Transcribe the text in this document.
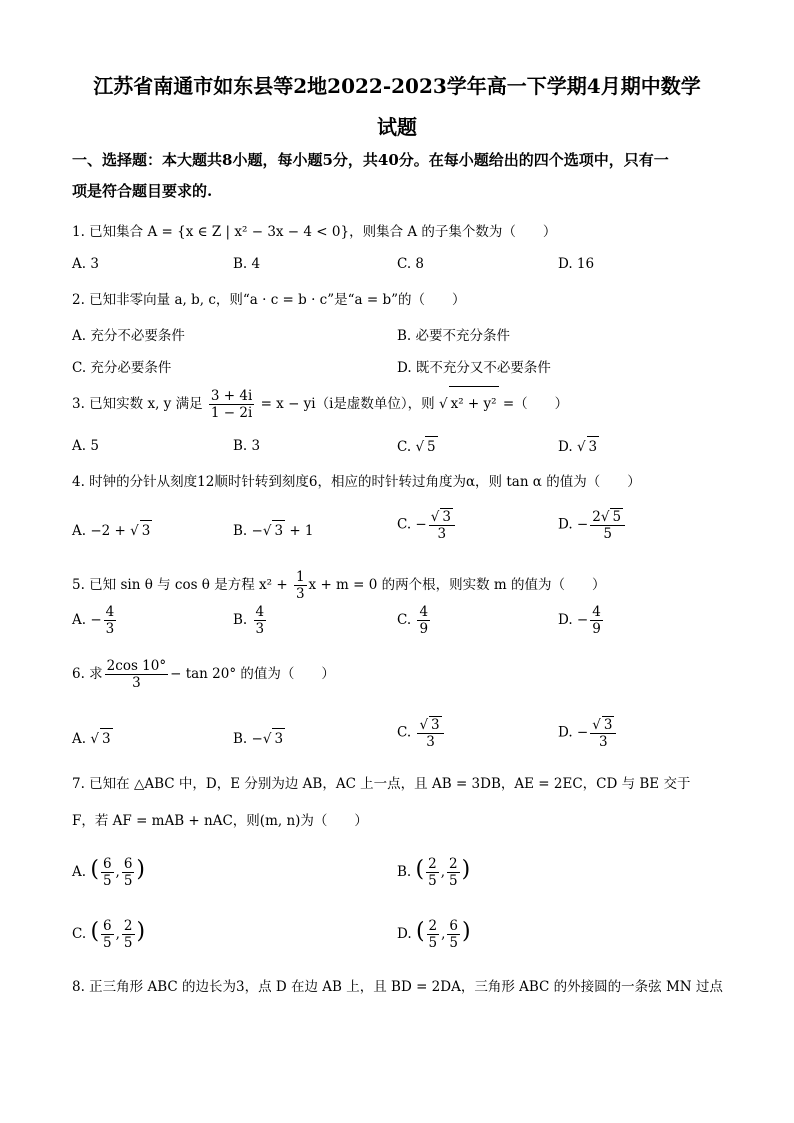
江苏省南通市如东县等2地2022-2023学年高一下学期4月期中数学
试题
一、选择题：本大题共8小题，每小题5分，共40分。在每小题给出的四个选项中，只有一
项是符合题目要求的.
1. 已知集合 A = {x ∈ Z | x² − 3x − 4 < 0}，则集合 A 的子集个数为（　　）
A. 3	B. 4	C. 8	D. 16
2. 已知非零向量 a, b, c，则“a · c = b · c”是“a = b”的（　　）
A. 充分不必要条件	B. 必要不充分条件
C. 充分必要条件	D. 既不充分又不必要条件
3. 已知实数 x, y 满足 $\frac{3 + 4i}{1 - 2i} = x - yi(i$是虚数单位），则 √ x² + y² =（　　）
A. 5	B. 3	C. √ 5	D. √ 3
4. 时钟的分针从刻度12顺时针转到刻度6，相应的时针转过角度为α，则 tan α 的值为（　　）
A. −2 + √ 3	B. −√ 3 + 1	C. − $\frac{√ 3}{3}$	D. − $\frac{2√ 5}{5}$
5. 已知 sin θ 与 cos θ 是方程 $x^2 + \frac{1}{3}$ x + m = 0 的两个根，则实数 m 的值为（　　）
A. − $\frac{4}{3}$	B. $\frac{4}{3}$	C. $\frac{4}{9}$	D. − $\frac{4}{9}$
6. 求 $\frac{2\cos 10^\circ}{3} - \tan 20^\circ$ 的值为（　　）
A. √ 3	B. −√ 3	C. $\frac{√ 3}{3}$	D. − $\frac{√ 3}{3}$
7. 已知在 △ABC 中，D，E 分别为边 AB，AC 上一点，且 AB = 3DB，AE = 2EC，CD 与 BE 交于
F，若 AF = mAB + nAC，则(m, n)为（　　）
A. ( $\frac{6}{5}$ , $\frac{6}{5}$ )	B. ( $\frac{2}{5}$ , $\frac{2}{5}$ )
C. ( $\frac{6}{5}$ , $\frac{2}{5}$ )	D. ( $\frac{2}{5}$ , $\frac{6}{5}$ )
8. 正三角形 ABC 的边长为3，点 D 在边 AB 上，且 BD = 2DA，三角形 ABC 的外接圆的一条弦 MN 过点
